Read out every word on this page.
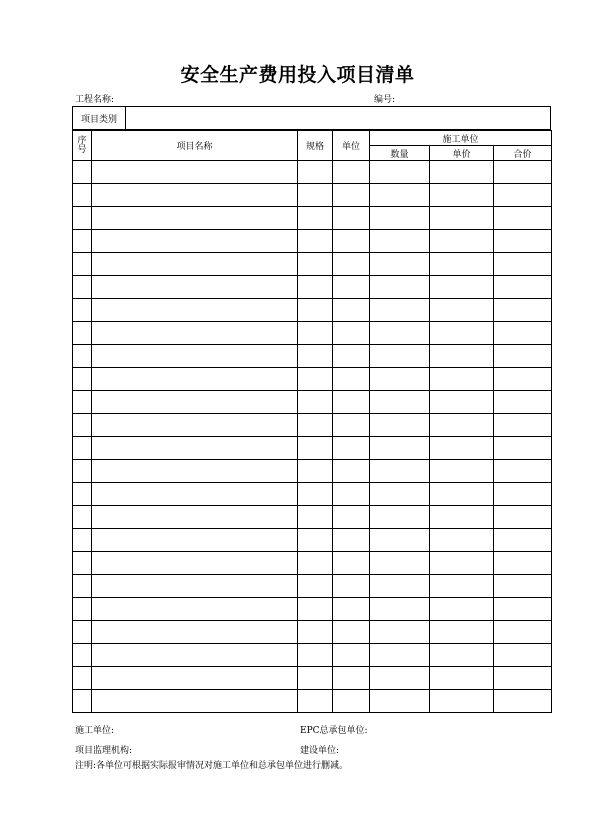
安全生产费用投入项目清单
工程名称:	编号:
项目类别	
序号	项目名称	规格	单位	施工单位		
				数量	单价	合价

施工单位:	EPC总承包单位:
项目监理机构:	建设单位:
注明:各单位可根据实际报审情况对施工单位和总承包单位进行删减。
